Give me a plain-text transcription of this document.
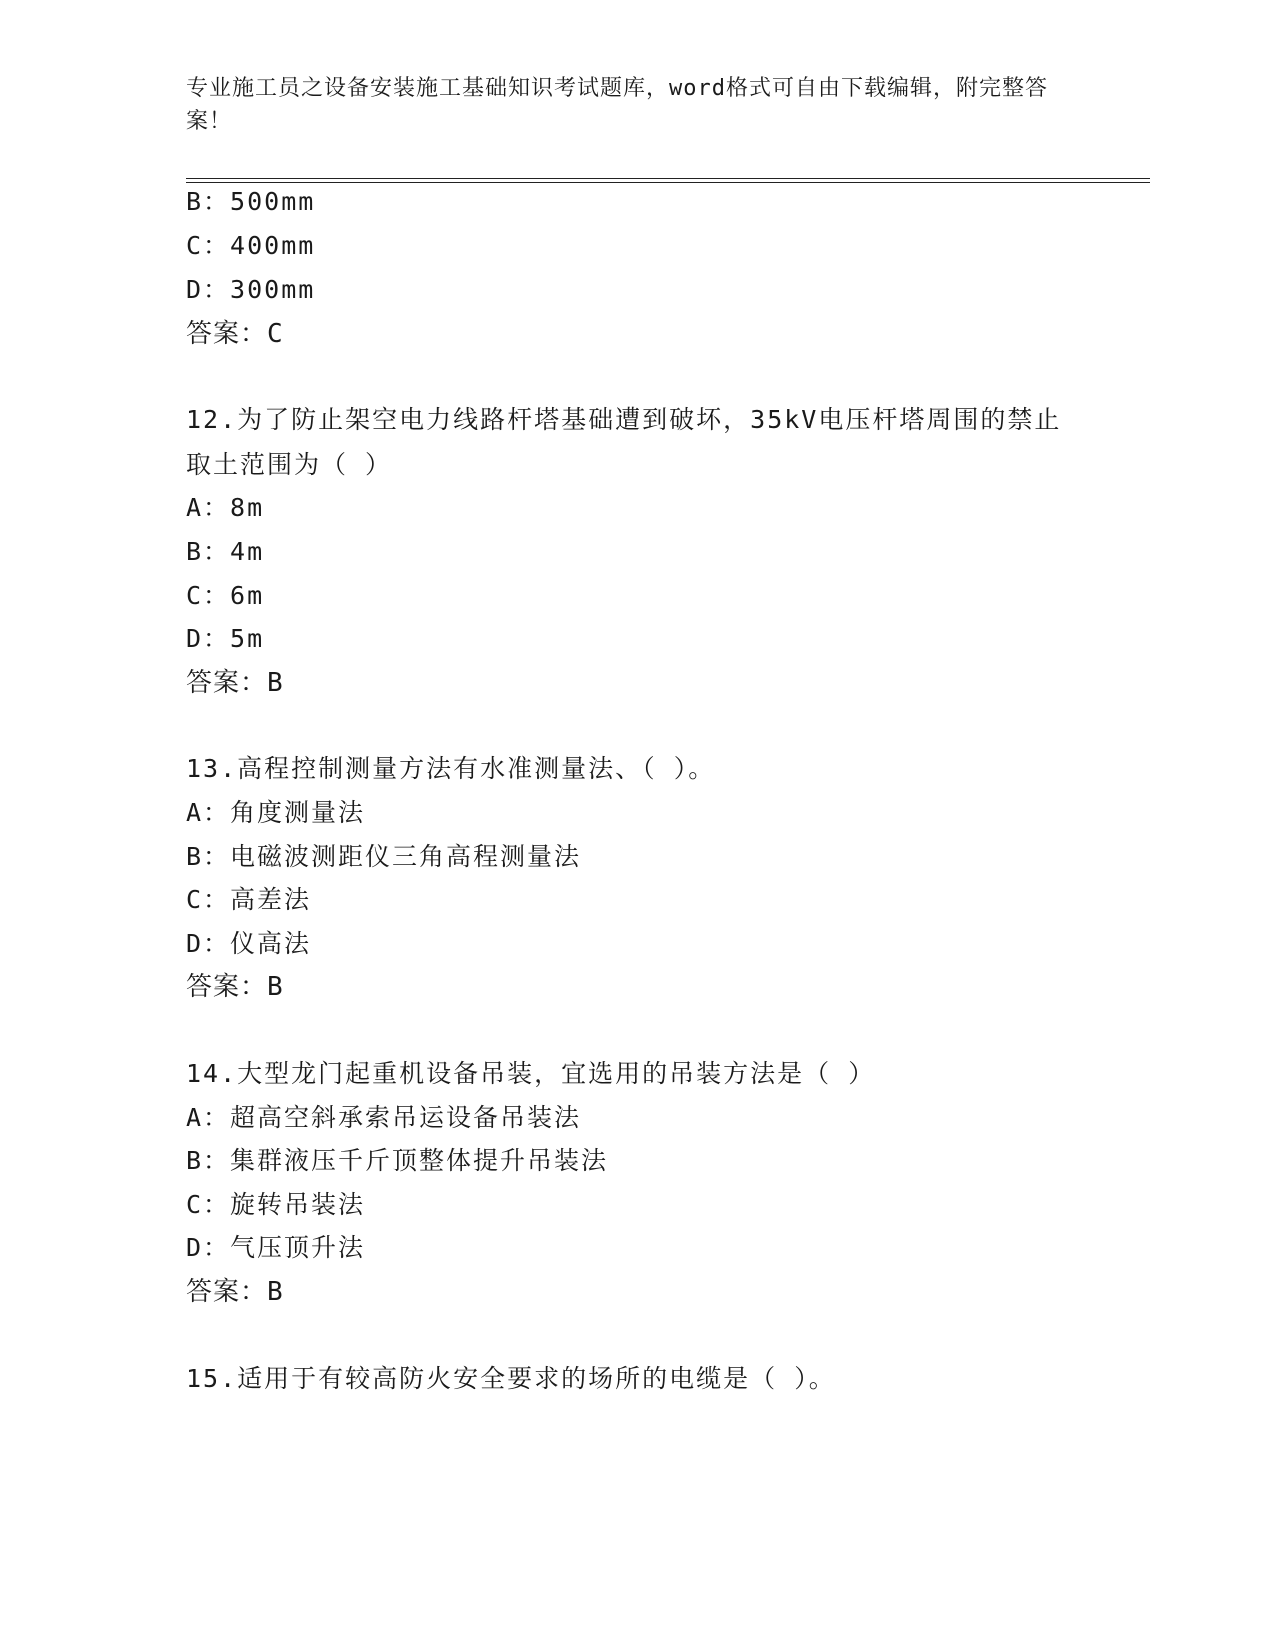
专业施工员之设备安装施工基础知识考试题库，word格式可自由下载编辑，附完整答案！
B：500mm
C：400mm
D：300mm
答案：C
12.为了防止架空电力线路杆塔基础遭到破坏，35kV电压杆塔周围的禁止取土范围为（ ）
A：8m
B：4m
C：6m
D：5m
答案：B
13.高程控制测量方法有水准测量法、（ ）。
A：角度测量法
B：电磁波测距仪三角高程测量法
C：高差法
D：仪高法
答案：B
14.大型龙门起重机设备吊装，宜选用的吊装方法是（ ）
A：超高空斜承索吊运设备吊装法
B：集群液压千斤顶整体提升吊装法
C：旋转吊装法
D：气压顶升法
答案：B
15.适用于有较高防火安全要求的场所的电缆是（ ）。
